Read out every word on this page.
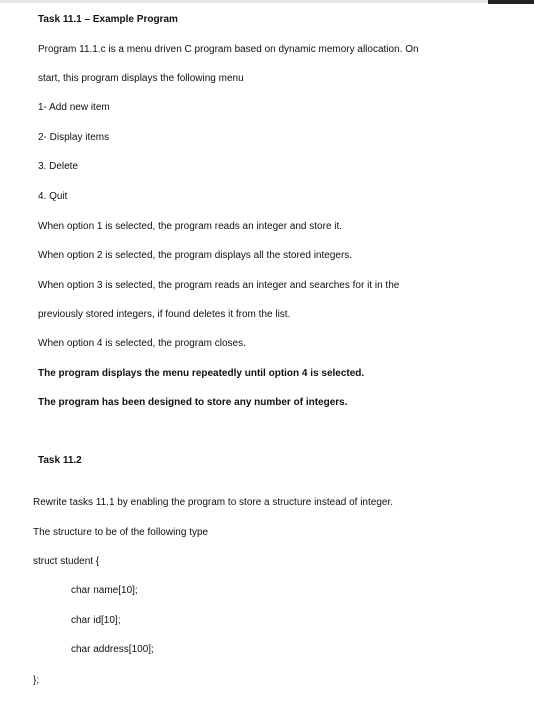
Task 11.1 – Example Program
Program 11.1.c is a menu driven C program based on dynamic memory allocation. On
start, this program displays the following menu
1- Add new item
2- Display items
3. Delete
4. Quit
When option 1 is selected, the program reads an integer and store it.
When option 2 is selected, the program displays all the stored integers.
When option 3 is selected, the program reads an integer and searches for it in the
previously stored integers, if found deletes it from the list.
When option 4 is selected, the program closes.
The program displays the menu repeatedly until option 4 is selected.
The program has been designed to store any number of integers.
Task 11.2
Rewrite tasks 11.1 by enabling the program to store a structure instead of integer.
The structure to be of the following type
struct student {
char name[10];
char id[10];
char address[100];
};
